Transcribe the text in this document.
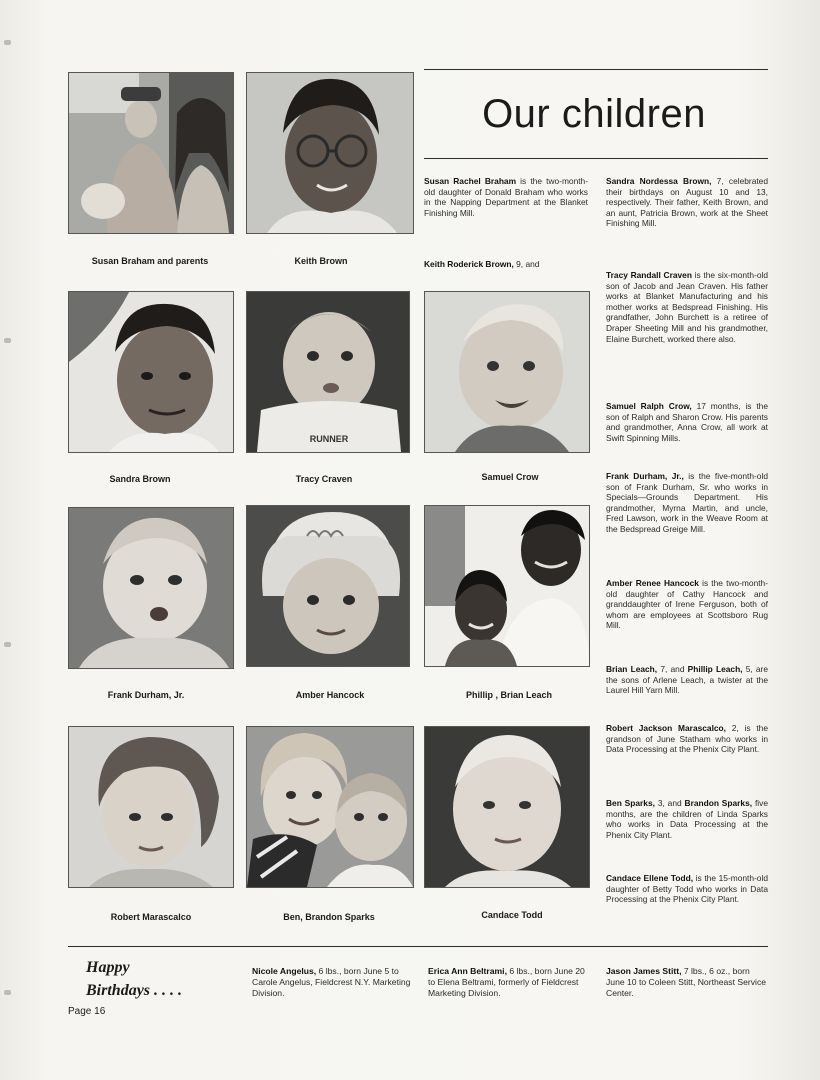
Our children
Susan Braham and parents	Keith Brown
RUNNER
Sandra Brown	Tracy Craven	Samuel Crow
Frank Durham, Jr.	Amber Hancock	Phillip , Brian Leach
Robert Marascalco	Ben, Brandon Sparks	Candace Todd
Susan Rachel Braham is the two-month-old daughter of Donald Braham who works in the Napping Department at the Blanket Finishing Mill.
Keith Roderick Brown, 9, and
Sandra Nordessa Brown, 7, celebrated their birthdays on August 10 and 13, respectively. Their father, Keith Brown, and an aunt, Patricia Brown, work at the Sheet Finishing Mill.
Tracy Randall Craven is the six-month-old son of Jacob and Jean Craven. His father works at Blanket Manufacturing and his mother works at Bedspread Finishing. His grandfather, John Burchett is a retiree of Draper Sheeting Mill and his grandmother, Elaine Burchett, worked there also.
Samuel Ralph Crow, 17 months, is the son of Ralph and Sharon Crow. His parents and grandmother, Anna Crow, all work at Swift Spinning Mills.
Frank Durham, Jr., is the five-month-old son of Frank Durham, Sr. who works in Specials—Grounds Department. His grandmother, Myrna Martin, and uncle, Fred Lawson, work in the Weave Room at the Bedspread Greige Mill.
Amber Renee Hancock is the two-month-old daughter of Cathy Hancock and granddaughter of Irene Ferguson, both of whom are employees at Scottsboro Rug Mill.
Brian Leach, 7, and Phillip Leach, 5, are the sons of Arlene Leach, a twister at the Laurel Hill Yarn Mill.
Robert Jackson Marascalco, 2, is the grandson of June Statham who works in Data Processing at the Phenix City Plant.
Ben Sparks, 3, and Brandon Sparks, five months, are the children of Linda Sparks who works in Data Processing at the Phenix City Plant.
Candace Ellene Todd, is the 15-month-old daughter of Betty Todd who works in Data Processing at the Phenix City Plant.
Happy
Birthdays . . . .
Page 16
Nicole Angelus, 6 lbs., born June 5 to Carole Angelus, Fieldcrest N.Y. Marketing Division.
Erica Ann Beltrami, 6 lbs., born June 20 to Elena Beltrami, formerly of Fieldcrest Marketing Division.
Jason James Stitt, 7 lbs., 6 oz., born June 10 to Coleen Stitt, Northeast Service Center.
